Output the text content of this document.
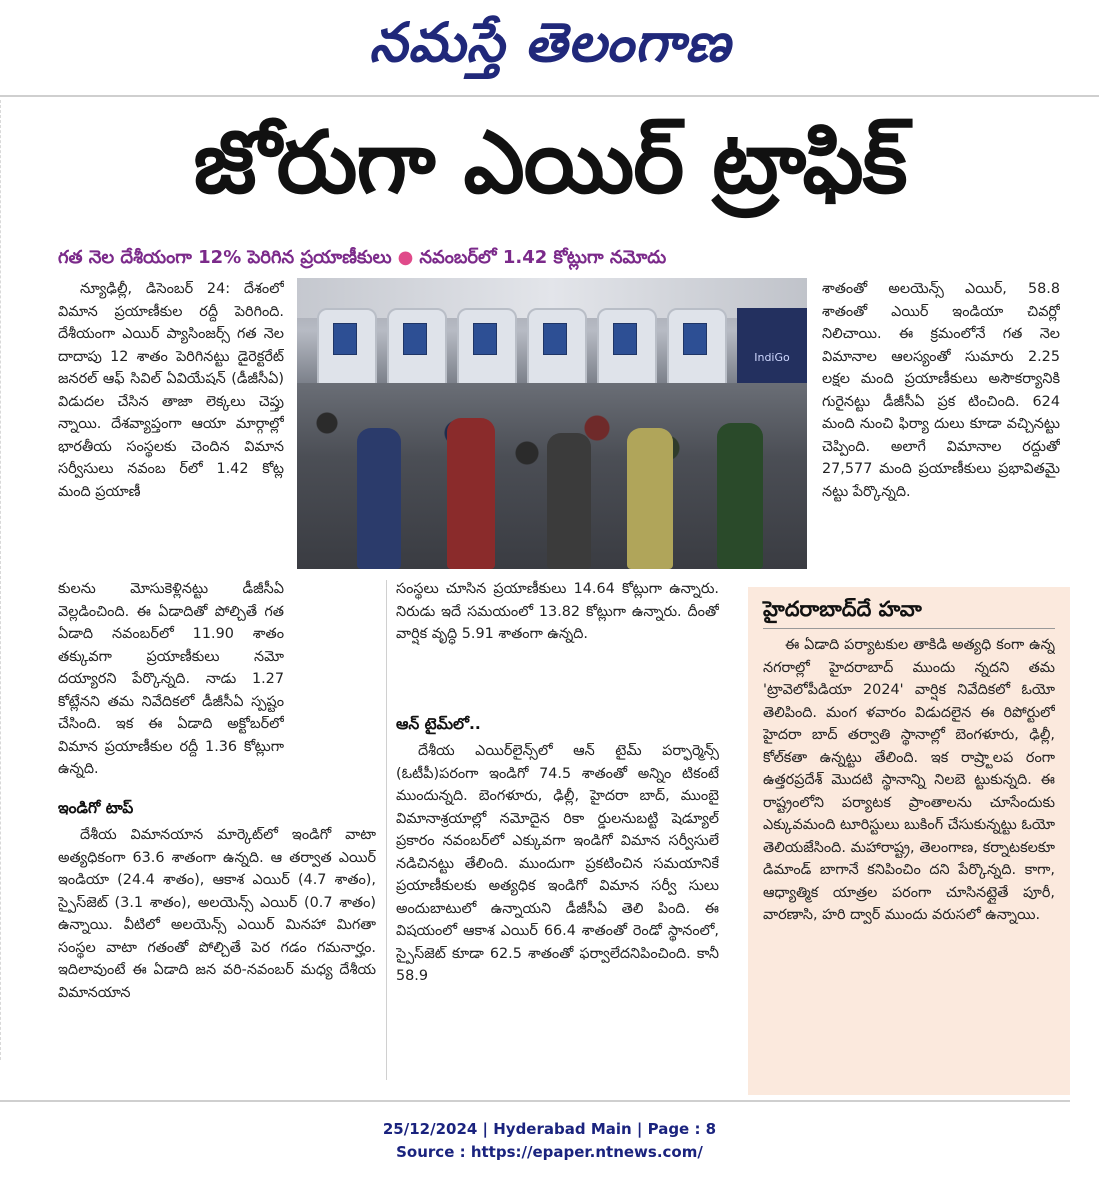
నమస్తే తెలంగాణ
జోరుగా ఎయిర్ ట్రాఫిక్
గత నెల దేశీయంగా 12% పెరిగిన ప్రయాణీకులు ● నవంబర్‌లో 1.42 కోట్లుగా నమోదు

న్యూఢిల్లీ, డిసెంబర్ 24: దేశంలో విమాన ప్రయాణీకుల రద్దీ పెరిగింది. దేశీయంగా ఎయిర్ ప్యాసింజర్స్ గత నెల దాదాపు 12 శాతం పెరిగినట్టు డైరెక్టరేట్ జనరల్ ఆఫ్ సివిల్ ఏవియేషన్ (డీజీసీఏ) విడుదల చేసిన తాజా లెక్కలు చెప్తు న్నాయి. దేశవ్యాప్తంగా ఆయా మార్గాల్లో భారతీయ సంస్థలకు చెందిన విమాన సర్వీసులు నవంబ ర్‌లో 1.42 కోట్ల మంది ప్రయాణీ

IndiGo

కులను మోసుకెళ్లినట్టు డీజీసీఏ వెల్లడించింది. ఈ ఏడాదితో పోల్చితే గత ఏడాది నవంబర్‌లో 11.90 శాతం తక్కువగా ప్రయాణీకులు నమో దయ్యారని పేర్కొన్నది. నాడు 1.27 కోట్లేనని తమ నివేదికలో డీజీసీఏ స్పష్టం చేసింది. ఇక ఈ ఏడాది అక్టోబర్‌లో విమాన ప్రయాణీకుల రద్దీ 1.36 కోట్లుగా ఉన్నది.

ఇండిగో టాప్

దేశీయ విమానయాన మార్కెట్‌లో ఇండిగో వాటా అత్యధికంగా 63.6 శాతంగా ఉన్నది. ఆ తర్వాత ఎయిర్ ఇండియా (24.4 శాతం), ఆకాశ ఎయిర్ (4.7 శాతం), స్పైస్‌జెట్ (3.1 శాతం), అలయెన్స్ ఎయిర్ (0.7 శాతం) ఉన్నాయి. వీటిలో అలయెన్స్ ఎయిర్ మినహా మిగతా సంస్థల వాటా గతంతో పోల్చితే పెర గడం గమనార్హం. ఇదిలావుంటే ఈ ఏడాది జన వరి-నవంబర్ మధ్య దేశీయ విమానయాన

సంస్థలు చూసిన ప్రయాణీకులు 14.64 కోట్లుగా ఉన్నారు. నిరుడు ఇదే సమయంలో 13.82 కోట్లుగా ఉన్నారు. దీంతో వార్షిక వృద్ధి 5.91 శాతంగా ఉన్నది.

ఆన్ టైమ్‌లో..

దేశీయ ఎయిర్‌లైన్స్‌లో ఆన్ టైమ్ పర్ఫార్మెన్స్ (ఓటీపీ)పరంగా ఇండిగో 74.5 శాతంతో అన్నిం టికంటే ముందున్నది. బెంగళూరు, ఢిల్లీ, హైదరా బాద్, ముంబై విమానాశ్రయాల్లో నమోదైన రికా ర్డులనుబట్టి షెడ్యూల్ ప్రకారం నవంబర్‌లో ఎక్కువగా ఇండిగో విమాన సర్వీసులే నడిచినట్టు తేలింది. ముందుగా ప్రకటించిన సమయానికే ప్రయాణీకులకు అత్యధిక ఇండిగో విమాన సర్వీ సులు అందుబాటులో ఉన్నాయని డీజీసీఏ తెలి పింది. ఈ విషయంలో ఆకాశ ఎయిర్ 66.4 శాతంతో రెండో స్థానంలో, స్పైస్‌జెట్ కూడా 62.5 శాతంతో ఫర్వాలేదనిపించింది. కానీ 58.9

శాతంతో అలయెన్స్ ఎయిర్, 58.8 శాతంతో ఎయిర్ ఇండియా చివర్లో నిలిచాయి. ఈ క్రమంలోనే గత నెల విమానాల ఆలస్యంతో సుమారు 2.25 లక్షల మంది ప్రయాణీకులు అసౌకర్యానికి గురైనట్టు డీజీసీఏ ప్రక టించింది. 624 మంది నుంచి ఫిర్యా దులు కూడా వచ్చినట్టు చెప్పింది. అలాగే విమానాల రద్దుతో 27,577 మంది ప్రయాణీకులు ప్రభావితమై నట్టు పేర్కొన్నది.

హైదరాబాద్‌దే హవా

ఈ ఏడాది పర్యాటకుల తాకిడి అత్యధి కంగా ఉన్న నగరాల్లో హైదరాబాద్ ముందు న్నదని తమ 'ట్రావెలోపీడియా 2024' వార్షిక నివేదికలో ఓయో తెలిపింది. మంగ ళవారం విడుదలైన ఈ రిపోర్టులో హైదరా బాద్ తర్వాతి స్థానాల్లో బెంగళూరు, ఢిల్లీ, కోల్‌కతా ఉన్నట్టు తేలింది. ఇక రాష్ర్టాలప రంగా ఉత్తరప్రదేశ్ మొదటి స్థానాన్ని నిలబె ట్టుకున్నది. ఈ రాష్ట్రంలోని పర్యాటక ప్రాంతాలను చూసేందుకు ఎక్కువమంది టూరిస్టులు బుకింగ్ చేసుకున్నట్టు ఓయో తెలియజేసింది. మహారాష్ట్ర, తెలంగాణ, కర్నాటకలకూ డిమాండ్ బాగానే కనిపించిం దని పేర్కొన్నది. కాగా, ఆధ్యాత్మిక యాత్రల పరంగా చూసినట్లైతే పూరీ, వారణాసి, హరి ద్వార్ ముందు వరుసలో ఉన్నాయి.

25/12/2024 | Hyderabad Main | Page : 8
Source : https://epaper.ntnews.com/
